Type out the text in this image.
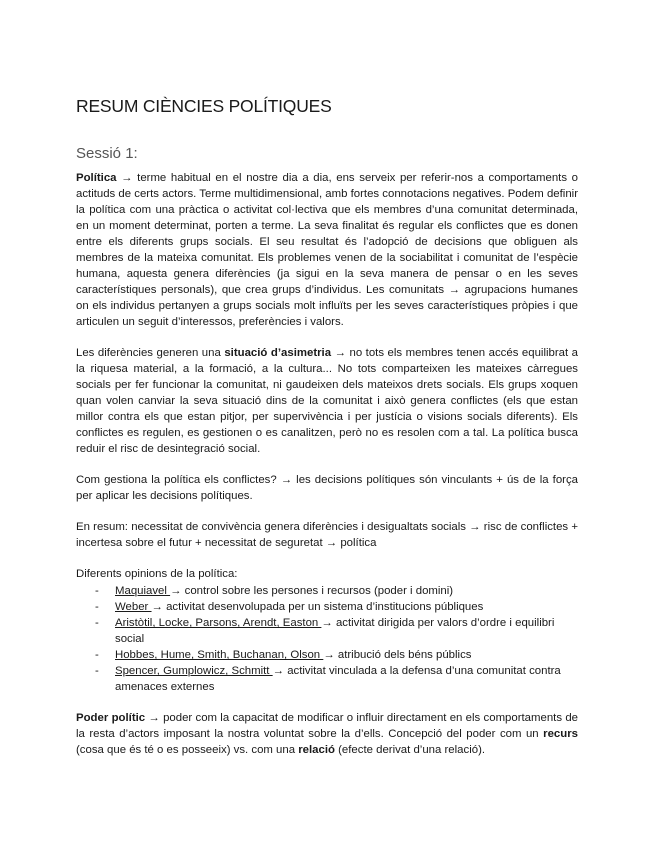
RESUM CIÈNCIES POLÍTIQUES
Sessió 1:

Política → terme habitual en el nostre dia a dia, ens serveix per referir-nos a comportaments o actituds de certs actors. Terme multidimensional, amb fortes connotacions negatives. Podem definir la política com una pràctica o activitat col·lectiva que els membres d’una comunitat determinada, en un moment determinat, porten a terme. La seva finalitat és regular els conflictes que es donen entre els diferents grups socials. El seu resultat és l’adopció de decisions que obliguen als membres de la mateixa comunitat. Els problemes venen de la sociabilitat i comunitat de l’espècie humana, aquesta genera diferències (ja sigui en la seva manera de pensar o en les seves característiques personals), que crea grups d’individus. Les comunitats → agrupacions humanes on els individus pertanyen a grups socials molt influïts per les seves característiques pròpies i que articulen un seguit d’interessos, preferències i valors.

Les diferències generen una situació d’asimetria → no tots els membres tenen accés equilibrat a la riquesa material, a la formació, a la cultura... No tots comparteixen les mateixes càrregues socials per fer funcionar la comunitat, ni gaudeixen dels mateixos drets socials. Els grups xoquen quan volen canviar la seva situació dins de la comunitat i això genera conflictes (els que estan millor contra els que estan pitjor, per supervivència i per justícia o visions socials diferents). Els conflictes es regulen, es gestionen o es canalitzen, però no es resolen com a tal. La política busca reduir el risc de desintegració social.

Com gestiona la política els conflictes? → les decisions polítiques són vinculants + ús de la força per aplicar les decisions polítiques.

En resum: necessitat de convivència genera diferències i desigualtats socials → risc de conflictes + incertesa sobre el futur + necessitat de seguretat → política

Diferents opinions de la política:

- Maquiavel → control sobre les persones i recursos (poder i domini)
- Weber → activitat desenvolupada per un sistema d’institucions públiques
- Aristòtil, Locke, Parsons, Arendt, Easton → activitat dirigida per valors d’ordre i equilibri social
- Hobbes, Hume, Smith, Buchanan, Olson → atribució dels béns públics
- Spencer, Gumplowicz, Schmitt → activitat vinculada a la defensa d’una comunitat contra amenaces externes

Poder polític → poder com la capacitat de modificar o influir directament en els comportaments de la resta d’actors imposant la nostra voluntat sobre la d’ells. Concepció del poder com un recurs (cosa que és té o es posseeix) vs. com una relació (efecte derivat d’una relació).
